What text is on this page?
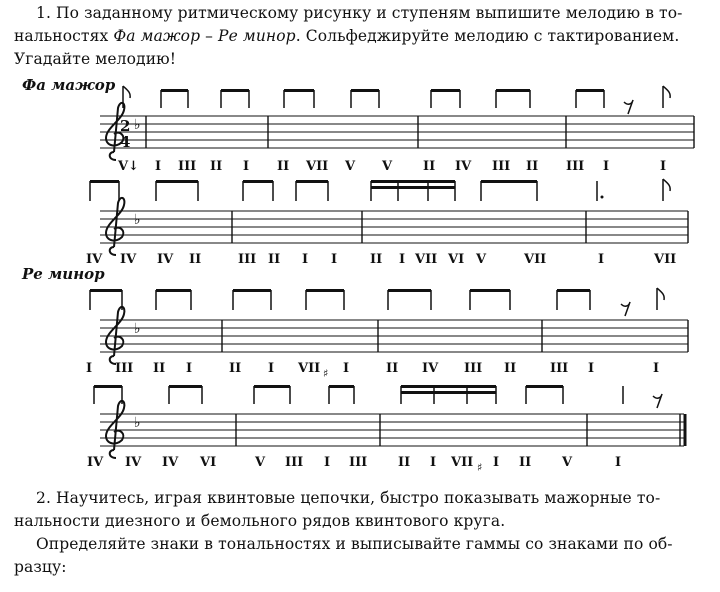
1. По заданному ритмическому рисунку и ступеням выпишите мелодию в то-
нальностях Фа мажор – Ре минор. Сольфеджируйте мелодию с тактированием.
Угадайте мелодию!
Фа мажор
Ре минор
♭
2
4
V↓ I III II I II VII V V II IV III II III I	I
♭
IV IV IV II	III II I I	II I VII VI V	VII	I	VII
♭
I III II I	II I VII ♯ I	II IV III II	III I	I
♭
IV IV IV VI	V III I III II I VII ♯ I II V	I
2. Научитесь, играя квинтовые цепочки, быстро показывать мажорные то-
нальности диезного и бемольного рядов квинтового круга.
Определяйте знаки в тональностях и выписывайте гаммы со знаками по об-
разцу:
